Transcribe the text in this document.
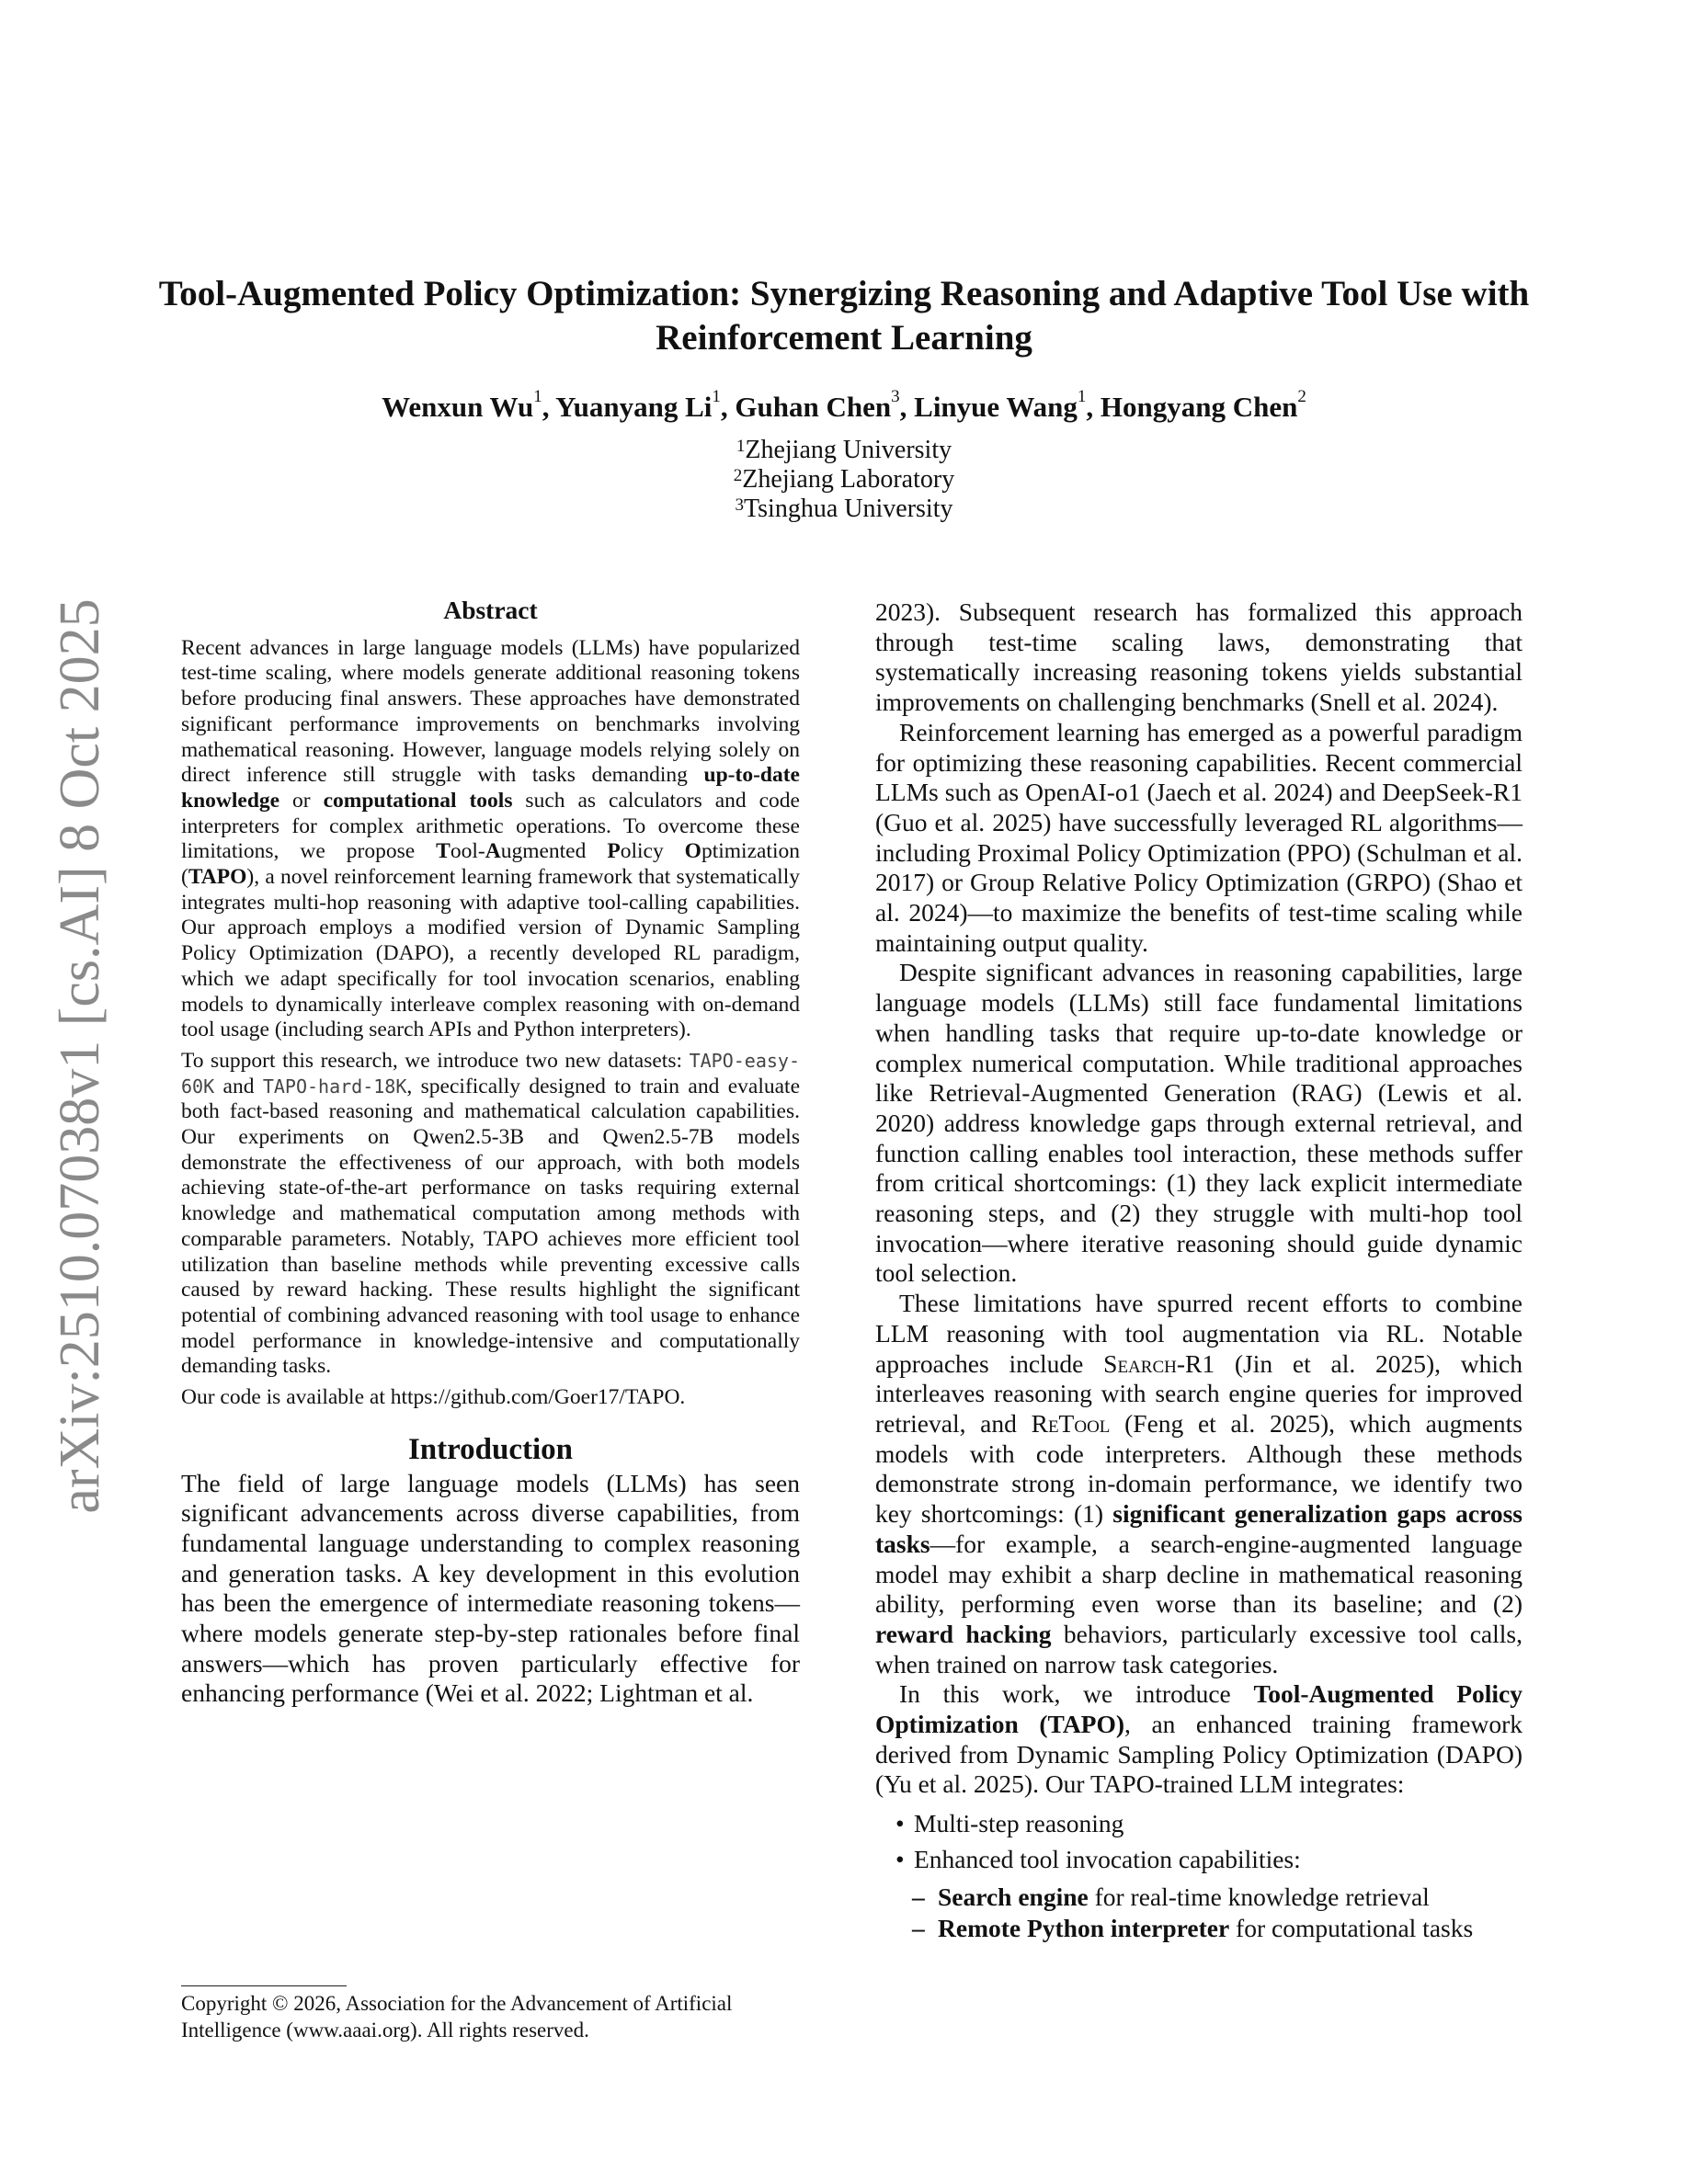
arXiv:2510.07038v1 [cs.AI] 8 Oct 2025
Tool-Augmented Policy Optimization: Synergizing Reasoning and Adaptive Tool Use with Reinforcement Learning
Wenxun Wu$^1$, Yuanyang Li$^1$, Guhan Chen$^3$, Linyue Wang$^1$, Hongyang Chen$^2$
$^1$Zhejiang University
$^2$Zhejiang Laboratory
$^3$Tsinghua University
Abstract

Recent advances in large language models (LLMs) have popularized test-time scaling, where models generate additional reasoning tokens before producing final answers. These approaches have demonstrated significant performance improvements on benchmarks involving mathematical reasoning. However, language models relying solely on direct inference still struggle with tasks demanding up-to-date knowledge or computational tools such as calculators and code interpreters for complex arithmetic operations. To overcome these limitations, we propose Tool-Augmented Policy Optimization (TAPO), a novel reinforcement learning framework that systematically integrates multi-hop reasoning with adaptive tool-calling capabilities. Our approach employs a modified version of Dynamic Sampling Policy Optimization (DAPO), a recently developed RL paradigm, which we adapt specifically for tool invocation scenarios, enabling models to dynamically interleave complex reasoning with on-demand tool usage (including search APIs and Python interpreters).

To support this research, we introduce two new datasets: TAPO-easy-60K and TAPO-hard-18K, specifically designed to train and evaluate both fact-based reasoning and mathematical calculation capabilities. Our experiments on Qwen2.5-3B and Qwen2.5-7B models demonstrate the effectiveness of our approach, with both models achieving state-of-the-art performance on tasks requiring external knowledge and mathematical computation among methods with comparable parameters. Notably, TAPO achieves more efficient tool utilization than baseline methods while preventing excessive calls caused by reward hacking. These results highlight the significant potential of combining advanced reasoning with tool usage to enhance model performance in knowledge-intensive and computationally demanding tasks.

Our code is available at https://github.com/Goer17/TAPO.

Introduction

The field of large language models (LLMs) has seen significant advancements across diverse capabilities, from fundamental language understanding to complex reasoning and generation tasks. A key development in this evolution has been the emergence of intermediate reasoning tokens—where models generate step-by-step rationales before final answers—which has proven particularly effective for enhancing performance (Wei et al. 2022; Lightman et al.

Copyright © 2026, Association for the Advancement of Artificial Intelligence (www.aaai.org). All rights reserved.

2023). Subsequent research has formalized this approach through test-time scaling laws, demonstrating that systematically increasing reasoning tokens yields substantial improvements on challenging benchmarks (Snell et al. 2024).

Reinforcement learning has emerged as a powerful paradigm for optimizing these reasoning capabilities. Recent commercial LLMs such as OpenAI-o1 (Jaech et al. 2024) and DeepSeek-R1 (Guo et al. 2025) have successfully leveraged RL algorithms—including Proximal Policy Optimization (PPO) (Schulman et al. 2017) or Group Relative Policy Optimization (GRPO) (Shao et al. 2024)—to maximize the benefits of test-time scaling while maintaining output quality.

Despite significant advances in reasoning capabilities, large language models (LLMs) still face fundamental limitations when handling tasks that require up-to-date knowledge or complex numerical computation. While traditional approaches like Retrieval-Augmented Generation (RAG) (Lewis et al. 2020) address knowledge gaps through external retrieval, and function calling enables tool interaction, these methods suffer from critical shortcomings: (1) they lack explicit intermediate reasoning steps, and (2) they struggle with multi-hop tool invocation—where iterative reasoning should guide dynamic tool selection.

These limitations have spurred recent efforts to combine LLM reasoning with tool augmentation via RL. Notable approaches include Search-R1 (Jin et al. 2025), which interleaves reasoning with search engine queries for improved retrieval, and ReTool (Feng et al. 2025), which augments models with code interpreters. Although these methods demonstrate strong in-domain performance, we identify two key shortcomings: (1) significant generalization gaps across tasks—for example, a search-engine-augmented language model may exhibit a sharp decline in mathematical reasoning ability, performing even worse than its baseline; and (2) reward hacking behaviors, particularly excessive tool calls, when trained on narrow task categories.

In this work, we introduce Tool-Augmented Policy Optimization (TAPO), an enhanced training framework derived from Dynamic Sampling Policy Optimization (DAPO) (Yu et al. 2025). Our TAPO-trained LLM integrates:

• Multi-step reasoning
• Enhanced tool invocation capabilities:
– Search engine for real-time knowledge retrieval
– Remote Python interpreter for computational tasks
